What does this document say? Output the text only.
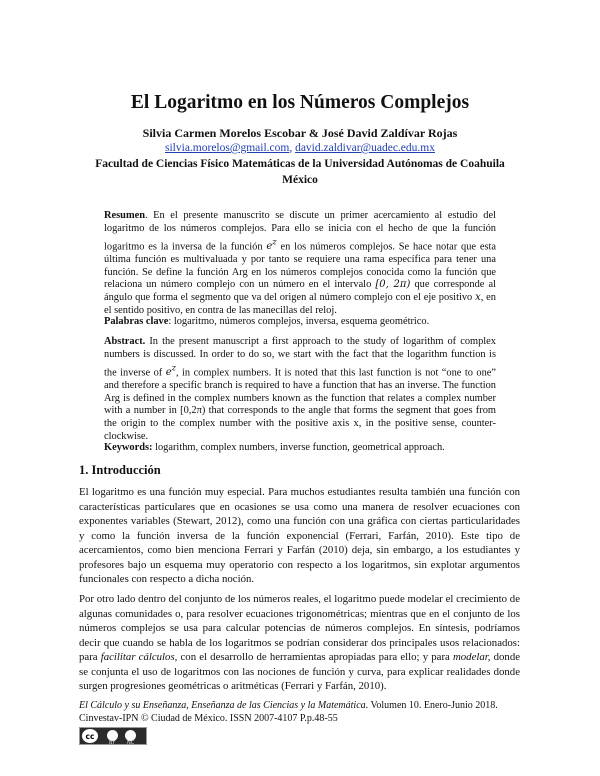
El Logaritmo en los Números Complejos
Silvia Carmen Morelos Escobar & José David Zaldívar Rojas
silvia.morelos@gmail.com, david.zaldivar@uadec.edu.mx
Facultad de Ciencias Físico Matemáticas de la Universidad Autónomas de Coahuila
México
Resumen. En el presente manuscrito se discute un primer acercamiento al estudio del logaritmo de los números complejos. Para ello se inicia con el hecho de que la función logaritmo es la inversa de la función $e^z$ en los números complejos. Se hace notar que esta última función es multivaluada y por tanto se requiere una rama específica para tener una función. Se define la función Arg en los números complejos conocida como la función que relaciona un número complejo con un número en el intervalo [0, 2π) que corresponde al ángulo que forma el segmento que va del origen al número complejo con el eje positivo x, en el sentido positivo, en contra de las manecillas del reloj.
Palabras clave: logaritmo, números complejos, inversa, esquema geométrico.
Abstract. In the present manuscript a first approach to the study of logarithm of complex numbers is discussed. In order to do so, we start with the fact that the logarithm function is the inverse of $e^z$, in complex numbers. It is noted that this last function is not “one to one” and therefore a specific branch is required to have a function that has an inverse. The function Arg is defined in the complex numbers known as the function that relates a complex number with a number in [0,2π) that corresponds to the angle that forms the segment that goes from the origin to the complex number with the positive axis x, in the positive sense, counter-clockwise.
Keywords: logarithm, complex numbers, inverse function, geometrical approach.
1. Introducción

El logaritmo es una función muy especial. Para muchos estudiantes resulta también una función con características particulares que en ocasiones se usa como una manera de resolver ecuaciones con exponentes variables (Stewart, 2012), como una función con una gráfica con ciertas particularidades y como la función inversa de la función exponencial (Ferrari, Farfán, 2010). Este tipo de acercamientos, como bien menciona Ferrari y Farfán (2010) deja, sin embargo, a los estudiantes y profesores bajo un esquema muy operatorio con respecto a los logaritmos, sin explotar argumentos funcionales con respecto a dicha noción.

Por otro lado dentro del conjunto de los números reales, el logaritmo puede modelar el crecimiento de algunas comunidades o, para resolver ecuaciones trigonométricas; mientras que en el conjunto de los números complejos se usa para calcular potencias de números complejos. En síntesis, podríamos decir que cuando se habla de los logaritmos se podrían considerar dos principales usos relacionados: para facilitar cálculos, con el desarrollo de herramientas apropiadas para ello; y para modelar, donde se conjunta el uso de logaritmos con las nociones de función y curva, para explicar realidades donde surgen progresiones geométricas o aritméticas (Ferrari y Farfán, 2010).

El Cálculo y su Enseñanza, Enseñanza de las Ciencias y la Matemática. Volumen 10. Enero-Junio 2018.
Cinvestav-IPN © Ciudad de México. ISSN 2007-4107 P.p.48-55
cc
BY NC
